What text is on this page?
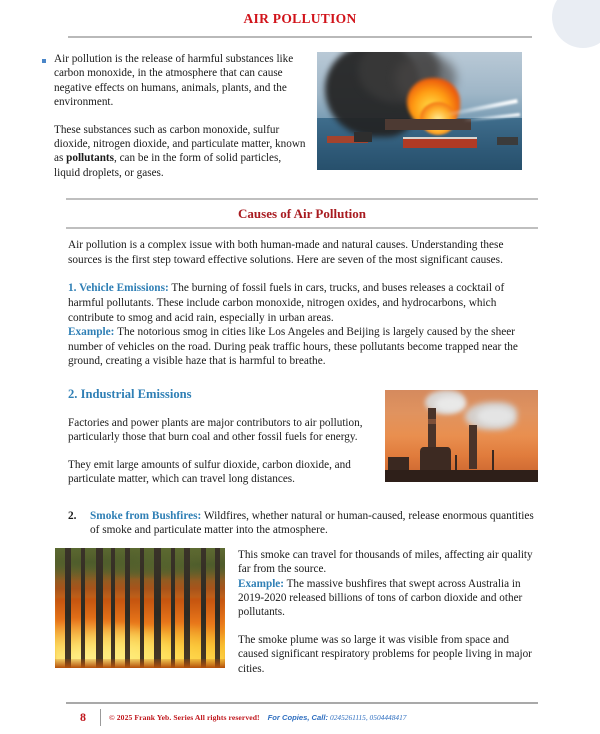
AIR POLLUTION

Air pollution is the release of harmful substances like carbon monoxide, in the atmosphere that can cause negative effects on humans, animals, plants, and the environment.

These substances such as carbon monoxide, sulfur dioxide, nitrogen dioxide, and particulate matter, known as pollutants, can be in the form of solid particles, liquid droplets, or gases.

Causes of Air Pollution
Air pollution is a complex issue with both human-made and natural causes. Understanding these sources is the first step toward effective solutions. Here are seven of the most significant causes.
1. Vehicle Emissions: The burning of fossil fuels in cars, trucks, and buses releases a cocktail of harmful pollutants. These include carbon monoxide, nitrogen oxides, and hydrocarbons, which contribute to smog and acid rain, especially in urban areas.
Example: The notorious smog in cities like Los Angeles and Beijing is largely caused by the sheer number of vehicles on the road. During peak traffic hours, these pollutants become trapped near the ground, creating a visible haze that is harmful to breathe.
2. Industrial Emissions

Factories and power plants are major contributors to air pollution, particularly those that burn coal and other fossil fuels for energy.

They emit large amounts of sulfur dioxide, carbon dioxide, and particulate matter, which can travel long distances.

2. Smoke from Bushfires: Wildfires, whether natural or human-caused, release enormous quantities of smoke and particulate matter into the atmosphere.

This smoke can travel for thousands of miles, affecting air quality far from the source.
Example: The massive bushfires that swept across Australia in 2019-2020 released billions of tons of carbon dioxide and other pollutants.

The smoke plume was so large it was visible from space and caused significant respiratory problems for people living in major cities.

8	© 2025 Frank Yeb. Series All rights reserved! For Copies, Call: 0245261115, 0504448417
